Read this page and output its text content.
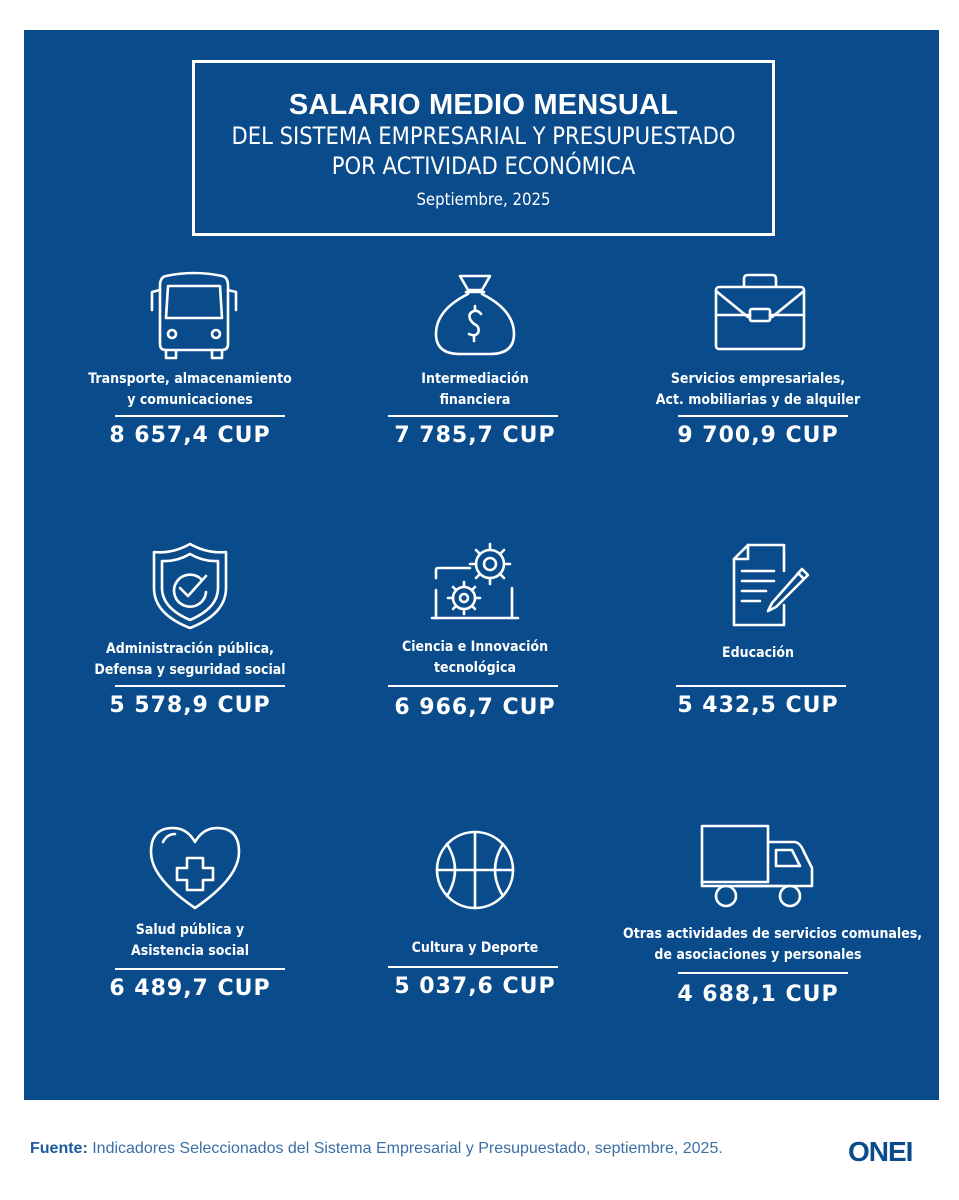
SALARIO MEDIO MENSUAL
DEL SISTEMA EMPRESARIAL Y PRESUPUESTADO
POR ACTIVIDAD ECONÓMICA
Septiembre, 2025
Transporte, almacenamiento
y comunicaciones
8 657,4 CUP
Intermediación
financiera
7 785,7 CUP
Servicios empresariales,
Act. mobiliarias y de alquiler
9 700,9 CUP
Administración pública,
Defensa y seguridad social
5 578,9 CUP
Ciencia e Innovación
tecnológica
6 966,7 CUP
Educación
5 432,5 CUP
Salud pública y
Asistencia social
6 489,7 CUP
Cultura y Deporte
5 037,6 CUP
Otras actividades de servicios comunales,
de asociaciones y personales
4 688,1 CUP
Fuente: Indicadores Seleccionados del Sistema Empresarial y Presupuestado, septiembre, 2025.	ONEI
